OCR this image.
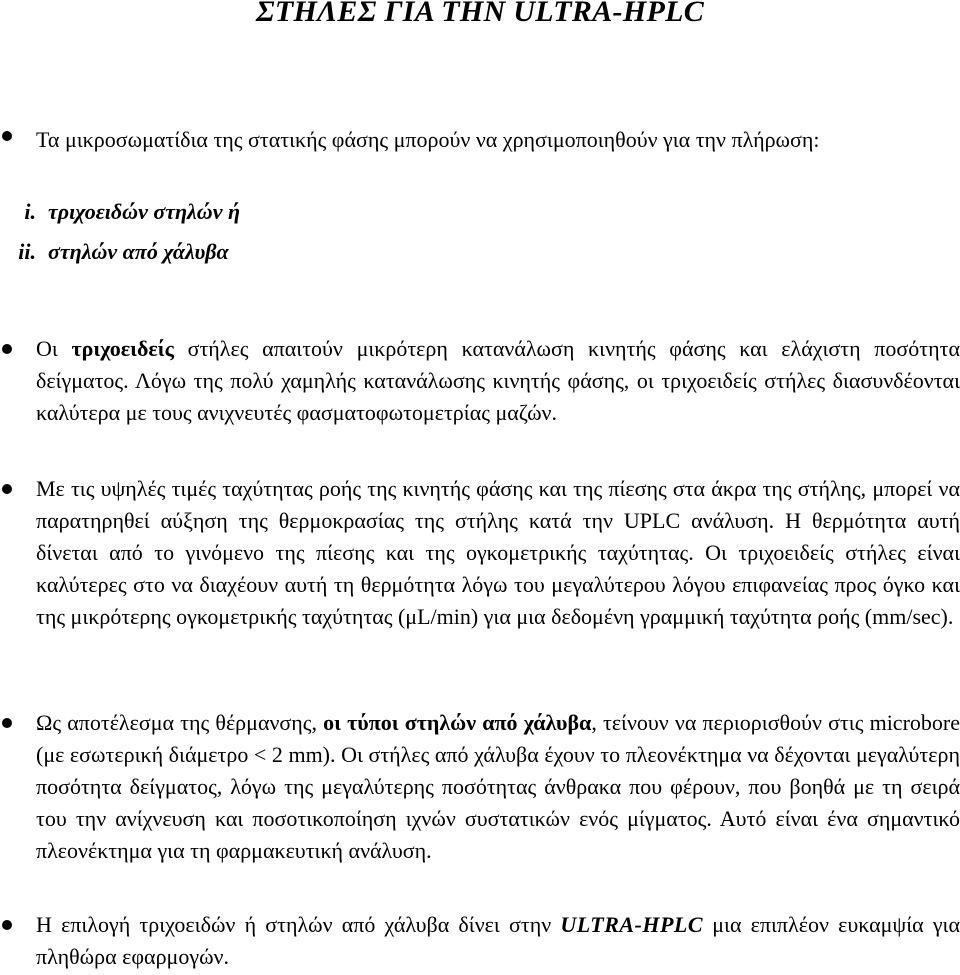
ΣΤΗΛΕΣ ΓΙΑ ΤΗΝ ULTRA-HPLC
Τα μικροσωματίδια της στατικής φάσης μπορούν να χρησιμοποιηθούν για την πλήρωση:
i. τριχοειδών στηλών ή
ii. στηλών από χάλυβα
Οι τριχοειδείς στήλες απαιτούν μικρότερη κατανάλωση κινητής φάσης και ελάχιστη ποσότητα δείγματος. Λόγω της πολύ χαμηλής κατανάλωσης κινητής φάσης, οι τριχοειδείς στήλες διασυνδέονται καλύτερα με τους ανιχνευτές φασματοφωτομετρίας μαζών.
Με τις υψηλές τιμές ταχύτητας ροής της κινητής φάσης και της πίεσης στα άκρα της στήλης, μπορεί να παρατηρηθεί αύξηση της θερμοκρασίας της στήλης κατά την UPLC ανάλυση. Η θερμότητα αυτή δίνεται από το γινόμενο της πίεσης και της ογκομετρικής ταχύτητας. Οι τριχοειδείς στήλες είναι καλύτερες στο να διαχέουν αυτή τη θερμότητα λόγω του μεγαλύτερου λόγου επιφανείας προς όγκο και της μικρότερης ογκομετρικής ταχύτητας (μL/min) για μια δεδομένη γραμμική ταχύτητα ροής (mm/sec).
Ως αποτέλεσμα της θέρμανσης, οι τύποι στηλών από χάλυβα, τείνουν να περιορισθούν στις microbore (με εσωτερική διάμετρο < 2 mm). Οι στήλες από χάλυβα έχουν το πλεονέκτημα να δέχονται μεγαλύτερη ποσότητα δείγματος, λόγω της μεγαλύτερης ποσότητας άνθρακα που φέρουν, που βοηθά με τη σειρά του την ανίχνευση και ποσοτικοποίηση ιχνών συστατικών ενός μίγματος. Αυτό είναι ένα σημαντικό πλεονέκτημα για τη φαρμακευτική ανάλυση.
Η επιλογή τριχοειδών ή στηλών από χάλυβα δίνει στην ULTRA-HPLC μια επιπλέον ευκαμψία για πληθώρα εφαρμογών.
